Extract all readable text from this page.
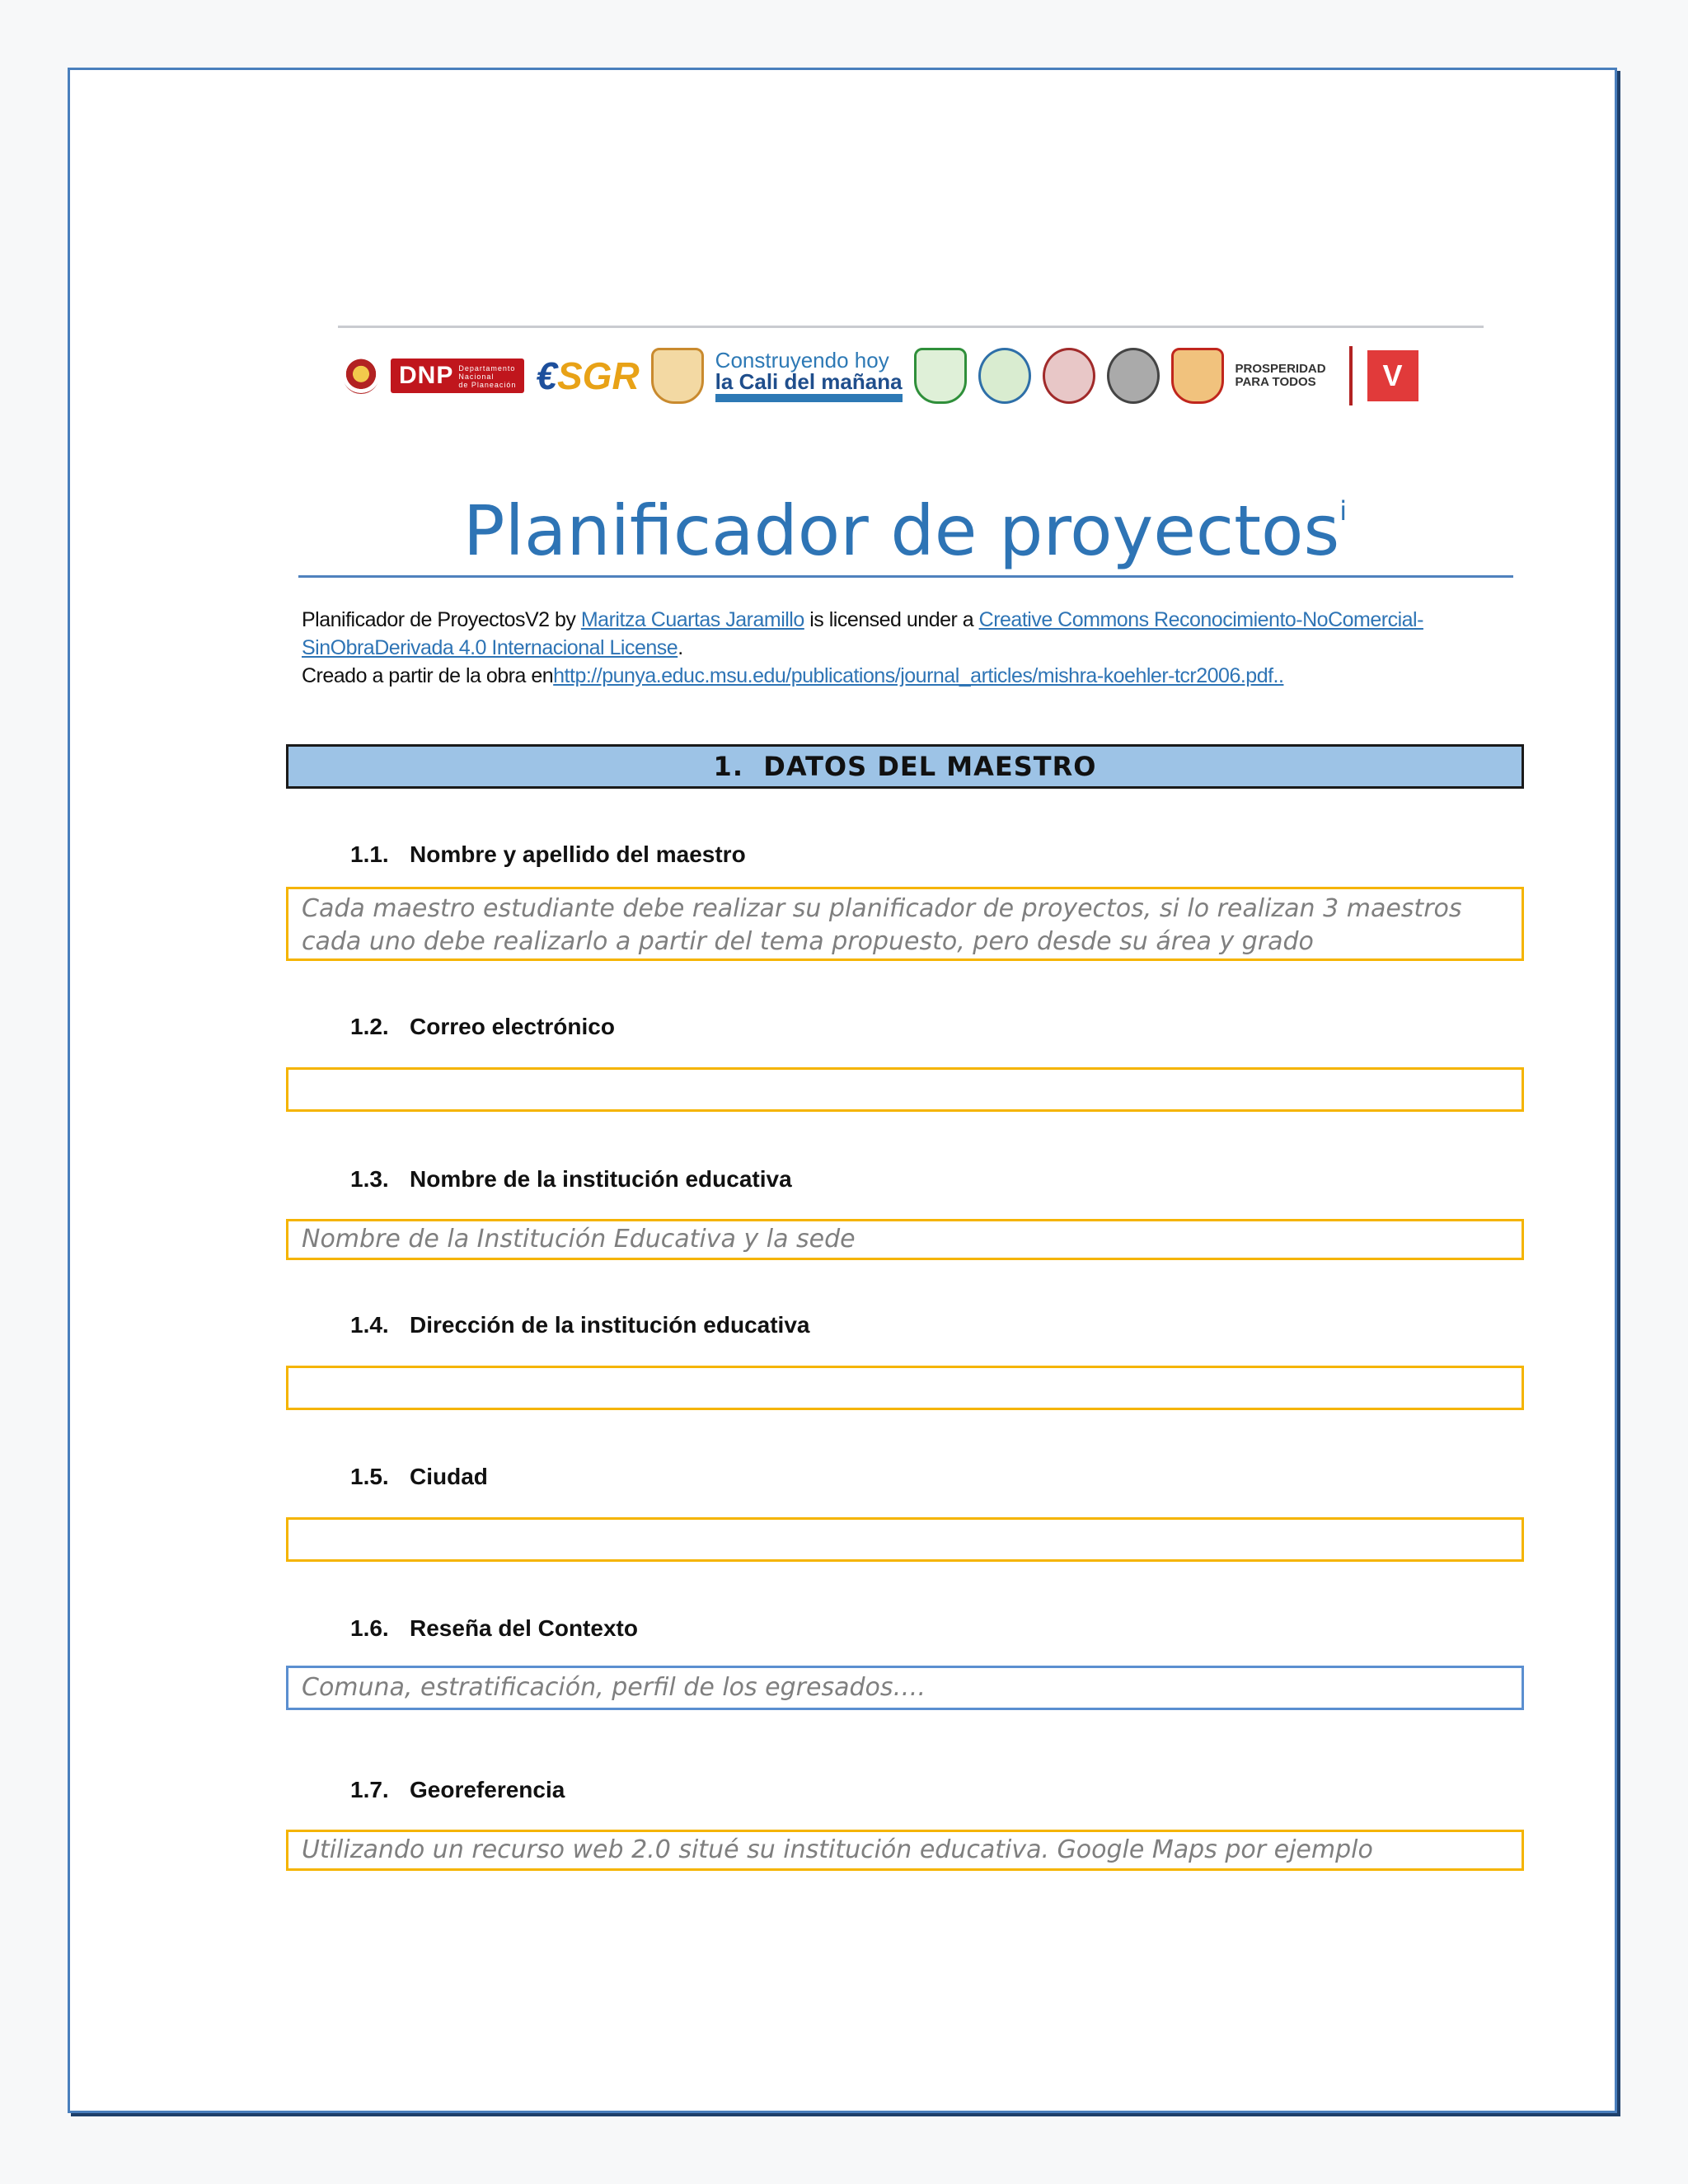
DNP Departamento
Nacional
de Planeación €SGR	Construyendo hoy
la Cali del mañana
PROSPERIDAD PARA TODOS	V
Planificador de proyectos$^i$
Planificador de ProyectosV2 by Maritza Cuartas Jaramillo is licensed under a Creative Commons Reconocimiento-NoComercial-SinObraDerivada 4.0 Internacional License.
Creado a partir de la obra enhttp://punya.educ.msu.edu/publications/journal_articles/mishra-koehler-tcr2006.pdf..
1. DATOS DEL MAESTRO
1.1. Nombre y apellido del maestro
Cada maestro estudiante debe realizar su planificador de proyectos, si lo realizan 3 maestros cada uno debe realizarlo a partir del tema propuesto, pero desde su área y grado
1.2. Correo electrónico
1.3. Nombre de la institución educativa
Nombre de la Institución Educativa y la sede
1.4. Dirección de la institución educativa
1.5. Ciudad
1.6. Reseña del Contexto
Comuna, estratificación, perfil de los egresados….
1.7. Georeferencia
Utilizando un recurso web 2.0 situé su institución educativa. Google Maps por ejemplo
